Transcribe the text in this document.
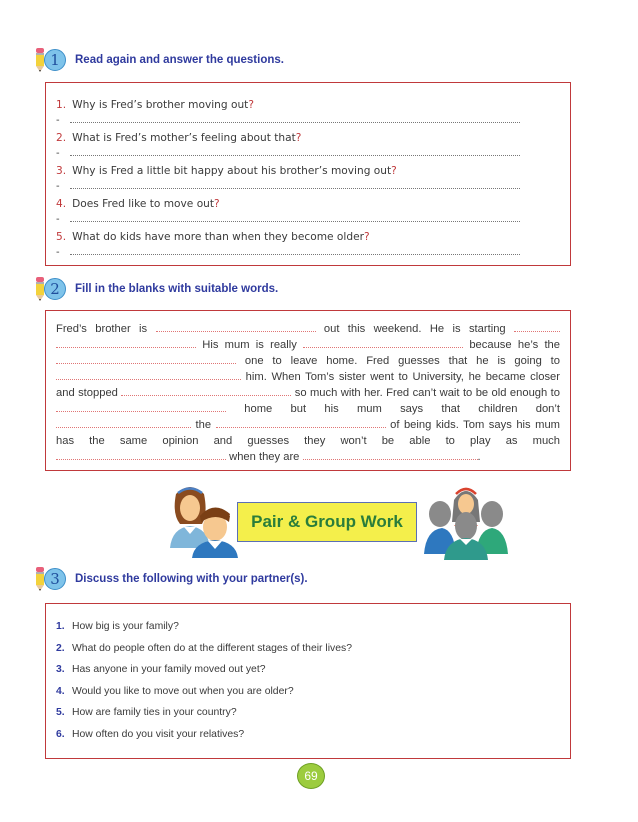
1	Read again and answer the questions.
1. Why is Fred’s brother moving out?
-
2. What is Fred’s mother’s feeling about that?
-
3. Why is Fred a little bit happy about his brother’s moving out?
-
4. Does Fred like to move out?
-
5. What do kids have more than when they become older?
-
2	Fill in the blanks with suitable words.
Fred’s brother is	out this weekend. He is starting   His mum is really	because he’s the  one to leave home. Fred guesses that he is going to  him. When Tom’s sister went to University, he became closer and stopped	so much with her. Fred can’t wait to be old enough to  home but his mum says that children don’t  the	of being kids. Tom says his mum has the same opinion and guesses they won’t be able to play as much  when they are	.
Pair & Group Work
3	Discuss the following with your partner(s).
1. How big is your family?
2. What do people often do at the different stages of their lives?
3. Has anyone in your family moved out yet?
4. Would you like to move out when you are older?
5. How are family ties in your country?
6. How often do you visit your relatives?
69
